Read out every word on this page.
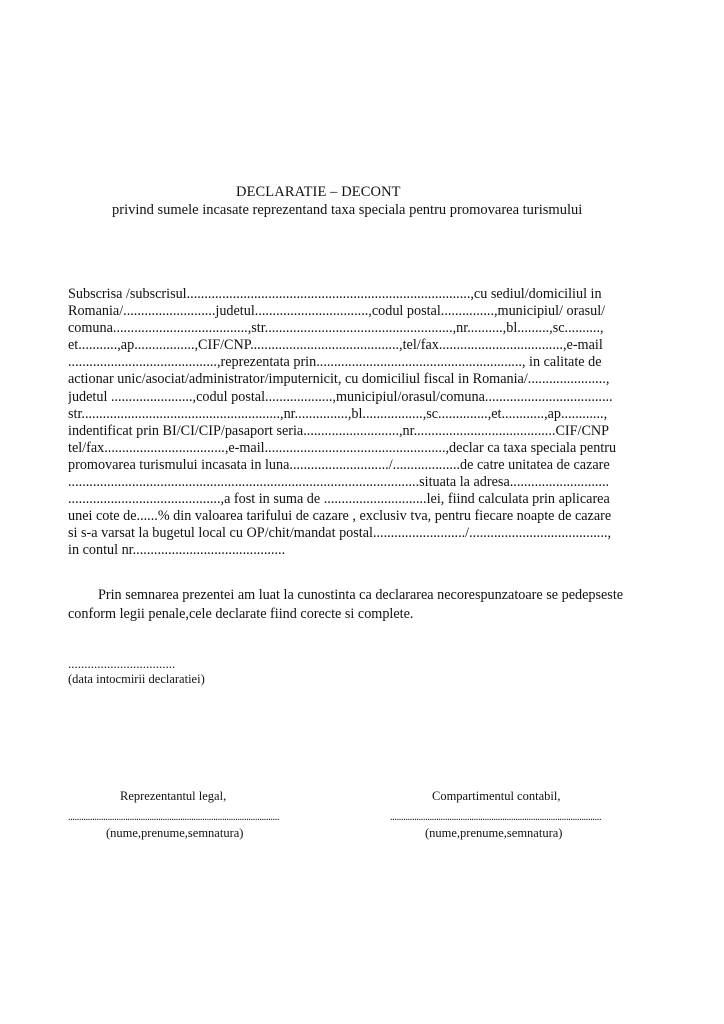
DECLARATIE – DECONT
privind sumele incasate reprezentand taxa speciala pentru promovarea turismului
Subscrisa /subscrisul................................................................................,cu sediul/domiciliul in
Romania/..........................judetul................................,codul postal...............,municipiul/ orasul/
comuna......................................,str.....................................................,nr..........,bl.........,sc..........,
et...........,ap.................,CIF/CNP..........................................,tel/fax...................................,e-mail
..........................................,reprezentata prin.........................................................., in calitate de
actionar unic/asociat/administrator/imputernicit, cu domiciliul fiscal in Romania/......................,
judetul .......................,codul postal...................,municipiul/orasul/comuna....................................
str........................................................,nr...............,bl.................,sc..............,et............,ap............,
indentificat prin BI/CI/CIP/pasaport seria...........................,nr........................................CIF/CNP
tel/fax..................................,e-mail...................................................,declar ca taxa speciala pentru
promovarea turismului incasata in luna............................/...................de catre unitatea de cazare
...................................................................................................situata la adresa............................
...........................................,a fost in suma de .............................lei, fiind calculata prin aplicarea
unei cote de......% din valoarea tarifului de cazare , exclusiv tva, pentru fiecare noapte de cazare
si s-a varsat la bugetul local cu OP/chit/mandat postal........................../.......................................,
in contul nr...........................................
Prin semnarea prezentei am luat la cunostinta ca declararea necorespunzatoare se pedepseste
conform legii penale,cele declarate fiind corecte si complete.
.................................
(data intocmirii declaratiei)
Reprezentantul legal,	Compartimentul contabil,
................................................................................................	................................................................................................
(nume,prenume,semnatura)	(nume,prenume,semnatura)
